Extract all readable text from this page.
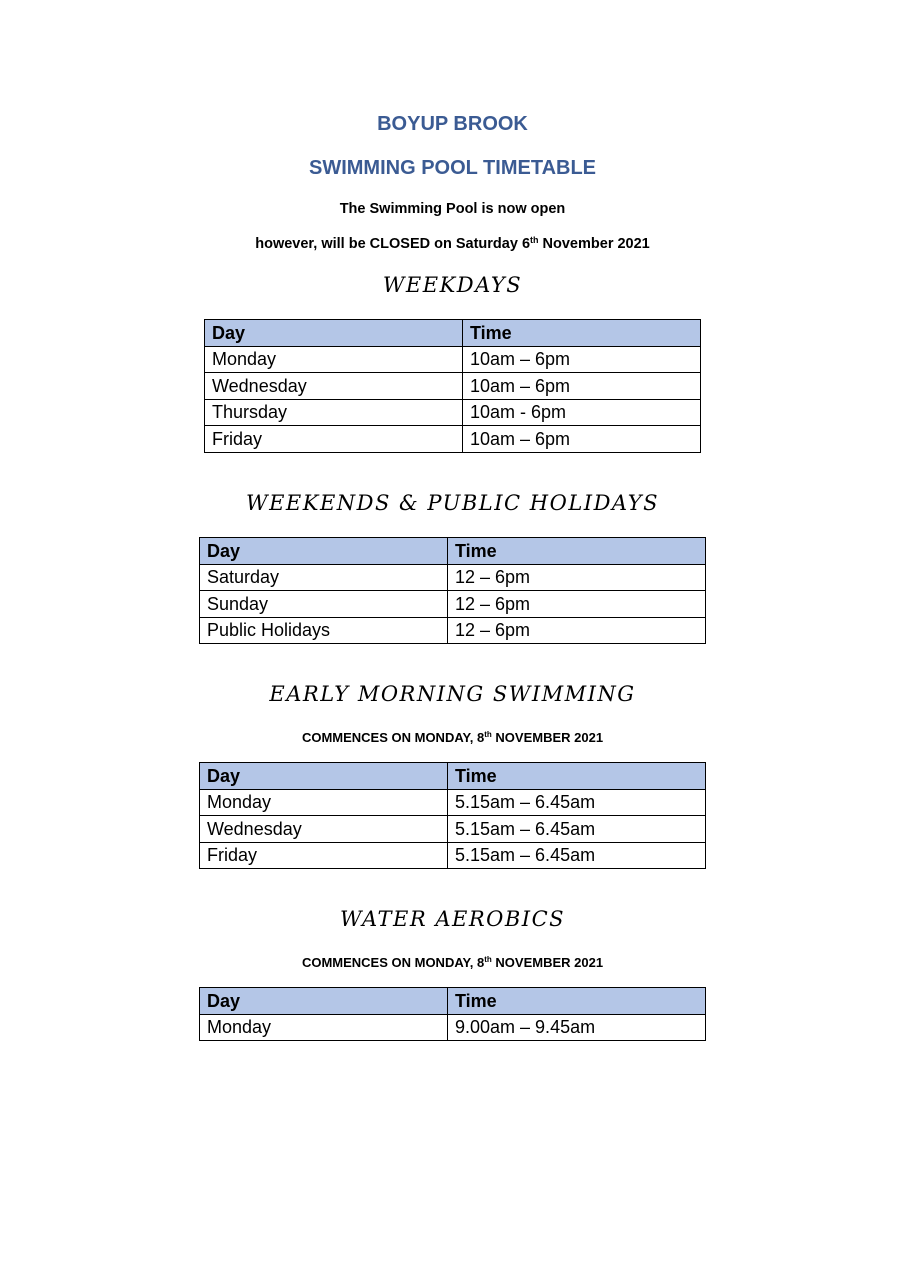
BOYUP BROOK
SWIMMING POOL TIMETABLE
The Swimming Pool is now open
however, will be CLOSED on Saturday 6th November 2021
WEEKDAYS
Day	Time
Monday	10am – 6pm
Wednesday	10am – 6pm
Thursday	10am - 6pm
Friday	10am – 6pm
WEEKENDS & PUBLIC HOLIDAYS
Day	Time
Saturday	12 – 6pm
Sunday	12 – 6pm
Public Holidays	12 – 6pm
EARLY MORNING SWIMMING
COMMENCES ON MONDAY, 8th NOVEMBER 2021
Day	Time
Monday	5.15am – 6.45am
Wednesday	5.15am – 6.45am
Friday	5.15am – 6.45am
WATER AEROBICS
COMMENCES ON MONDAY, 8th NOVEMBER 2021
Day	Time
Monday	9.00am – 9.45am
